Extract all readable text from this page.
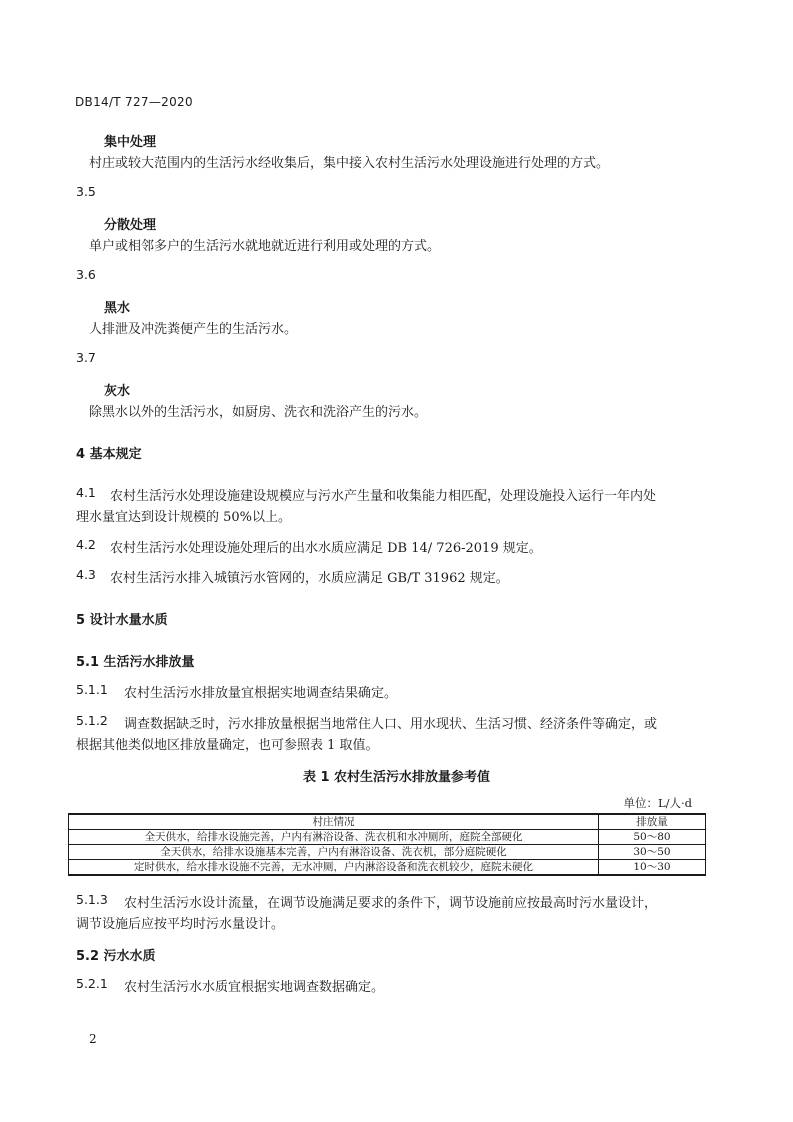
DB14/T 727—2020
集中处理
村庄或较大范围内的生活污水经收集后，集中接入农村生活污水处理设施进行处理的方式。
3.5
分散处理
单户或相邻多户的生活污水就地就近进行利用或处理的方式。
3.6
黑水
人排泄及冲洗粪便产生的生活污水。
3.7
灰水
除黑水以外的生活污水，如厨房、洗衣和洗浴产生的污水。
4 基本规定
4.1 农村生活污水处理设施建设规模应与污水产生量和收集能力相匹配，处理设施投入运行一年内处
理水量宜达到设计规模的 50%以上。
4.2 农村生活污水处理设施处理后的出水水质应满足 DB 14/ 726-2019 规定。
4.3 农村生活污水排入城镇污水管网的，水质应满足 GB/T 31962 规定。
5 设计水量水质
5.1 生活污水排放量
5.1.1 农村生活污水排放量宜根据实地调查结果确定。
5.1.2 调查数据缺乏时，污水排放量根据当地常住人口、用水现状、生活习惯、经济条件等确定，或
根据其他类似地区排放量确定，也可参照表 1 取值。
表 1 农村生活污水排放量参考值
单位：L/人·d
村庄情况	排放量
全天供水，给排水设施完善，户内有淋浴设备、洗衣机和水冲厕所，庭院全部硬化	50～80
全天供水，给排水设施基本完善，户内有淋浴设备、洗衣机，部分庭院硬化	30～50
定时供水，给水排水设施不完善，无水冲厕，户内淋浴设备和洗衣机较少，庭院未硬化	10～30
5.1.3 农村生活污水设计流量，在调节设施满足要求的条件下，调节设施前应按最高时污水量设计，
调节设施后应按平均时污水量设计。
5.2 污水水质
5.2.1 农村生活污水水质宜根据实地调查数据确定。
2
